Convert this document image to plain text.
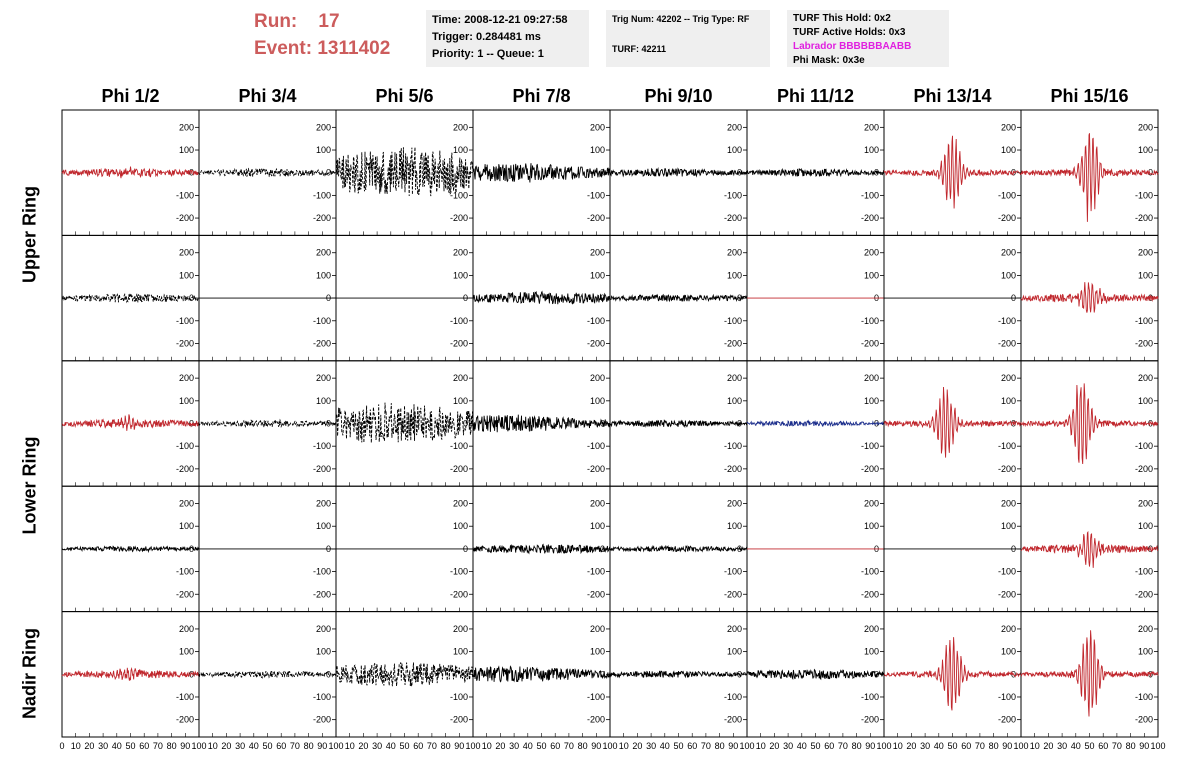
Run: 17
Event: 1311402
Time: 2008-12-21 09:27:58
Trigger: 0.284481 ms
Priority: 1 -- Queue: 1
Trig Num: 42202 -- Trig Type: RF
TURF: 42211
TURF This Hold: 0x2
TURF Active Holds: 0x3
Labrador BBBBBBAABB
Phi Mask: 0x3e
Phi 1/2	Phi 3/4	Phi 5/6	Phi 7/8	Phi 9/10	Phi 11/12	Phi 13/14	Phi 15/16
Upper Ring
Lower Ring
Nadir Ring
-200
-100
0
100
200
-200
-100
0
100
200
-200
-100
0
100
200
-200
-100
0
100
200
-200
-100
0
100
200
-200
-100
0
100
200
-200
-100
0
100
200
-200
-100
0
100
200
-200
-100
0
100
200
-200
-100
0
100
200
-200
-100
0
100
200
-200
-100
0
100
200
-200
-100
0
100
200
-200
-100
0
100
200
-200
-100
0
100
200
-200
-100
0
100
200
-200
-100
0
100
200
-200
-100
0
100
200
-200
-100
0
100
200
-200
-100
0
100
200
-200
-100
0
100
200
-200
-100
0
100
200
-200
-100
0
100
200
-200
-100
0
100
200
-200
-100
0
100
200
-200
-100
0
100
200
-200
-100
0
100
200
-200
-100
0
100
200
-200
-100
0
100
200
-200
-100
0
100
200
-200
-100
0
100
200
-200
-100
0
100
200
-200
-100
0
100
200
-200
-100
0
100
200
-200
-100
0
100
200
-200
-100
0
100
200
-200
-100
0
100
200
-200
-100
0
100
200
-200
-100
0
100
200
-200
-100
0
100
200
0 10 20 30 40 50 60 70 80 90 100 10 20 30 40 50 60 70 80 90 100 10 20 30 40 50 60 70 80 90 100 10 20 30 40 50 60 70 80 90 100 10 20 30 40 50 60 70 80 90 100 10 20 30 40 50 60 70 80 90 100 10 20 30 40 50 60 70 80 90 100 10 20 30 40 50 60 70 80 90 100
